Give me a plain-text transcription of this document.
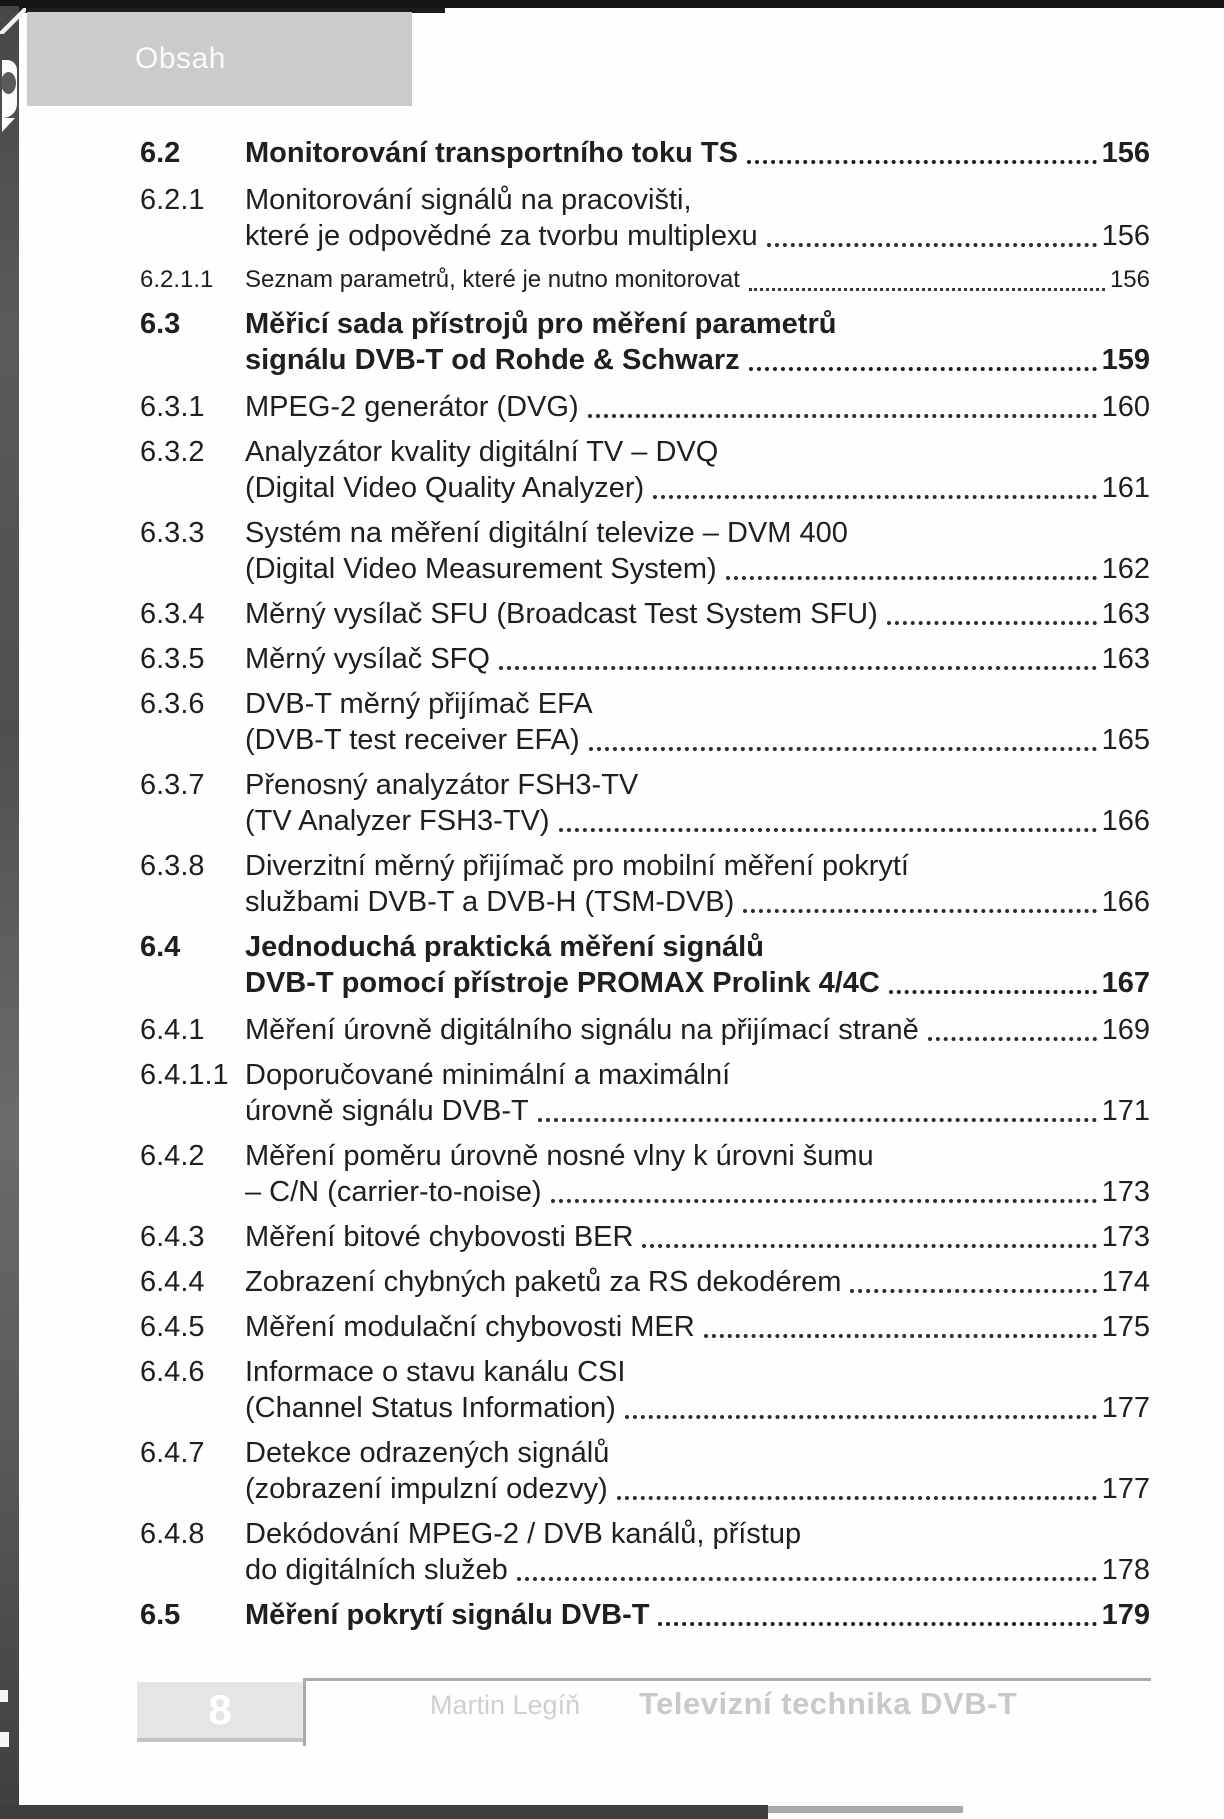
Obsah
6.2	Monitorování transportního toku TS	156
6.2.1	Monitorování signálů na pracovišti,
které je odpovědné za tvorbu multiplexu	156
6.2.1.1	Seznam parametrů, které je nutno monitorovat	156
6.3	Měřicí sada přístrojů pro měření parametrů
signálu DVB-T od Rohde & Schwarz	159
6.3.1	MPEG-2 generátor (DVG)	160
6.3.2	Analyzátor kvality digitální TV – DVQ
(Digital Video Quality Analyzer)	161
6.3.3	Systém na měření digitální televize – DVM 400
(Digital Video Measurement System)	162
6.3.4	Měrný vysílač SFU (Broadcast Test System SFU)	163
6.3.5	Měrný vysílač SFQ	163
6.3.6	DVB-T měrný přijímač EFA
(DVB-T test receiver EFA)	165
6.3.7	Přenosný analyzátor FSH3-TV
(TV Analyzer FSH3-TV)	166
6.3.8	Diverzitní měrný přijímač pro mobilní měření pokrytí
službami DVB-T a DVB-H (TSM-DVB)	166
6.4	Jednoduchá praktická měření signálů
DVB-T pomocí přístroje PROMAX Prolink 4/4C	167
6.4.1	Měření úrovně digitálního signálu na přijímací straně	169
6.4.1.1 Doporučované minimální a maximální
úrovně signálu DVB-T	171
6.4.2	Měření poměru úrovně nosné vlny k úrovni šumu
– C/N (carrier-to-noise)	173
6.4.3	Měření bitové chybovosti BER	173
6.4.4	Zobrazení chybných paketů za RS dekodérem	174
6.4.5	Měření modulační chybovosti MER	175
6.4.6	Informace o stavu kanálu CSI
(Channel Status Information)	177
6.4.7	Detekce odrazených signálů
(zobrazení impulzní odezvy)	177
6.4.8	Dekódování MPEG-2 / DVB kanálů, přístup
do digitálních služeb	178
6.5	Měření pokrytí signálu DVB-T	179
8	Martin Legíň Televizní technika DVB-T
